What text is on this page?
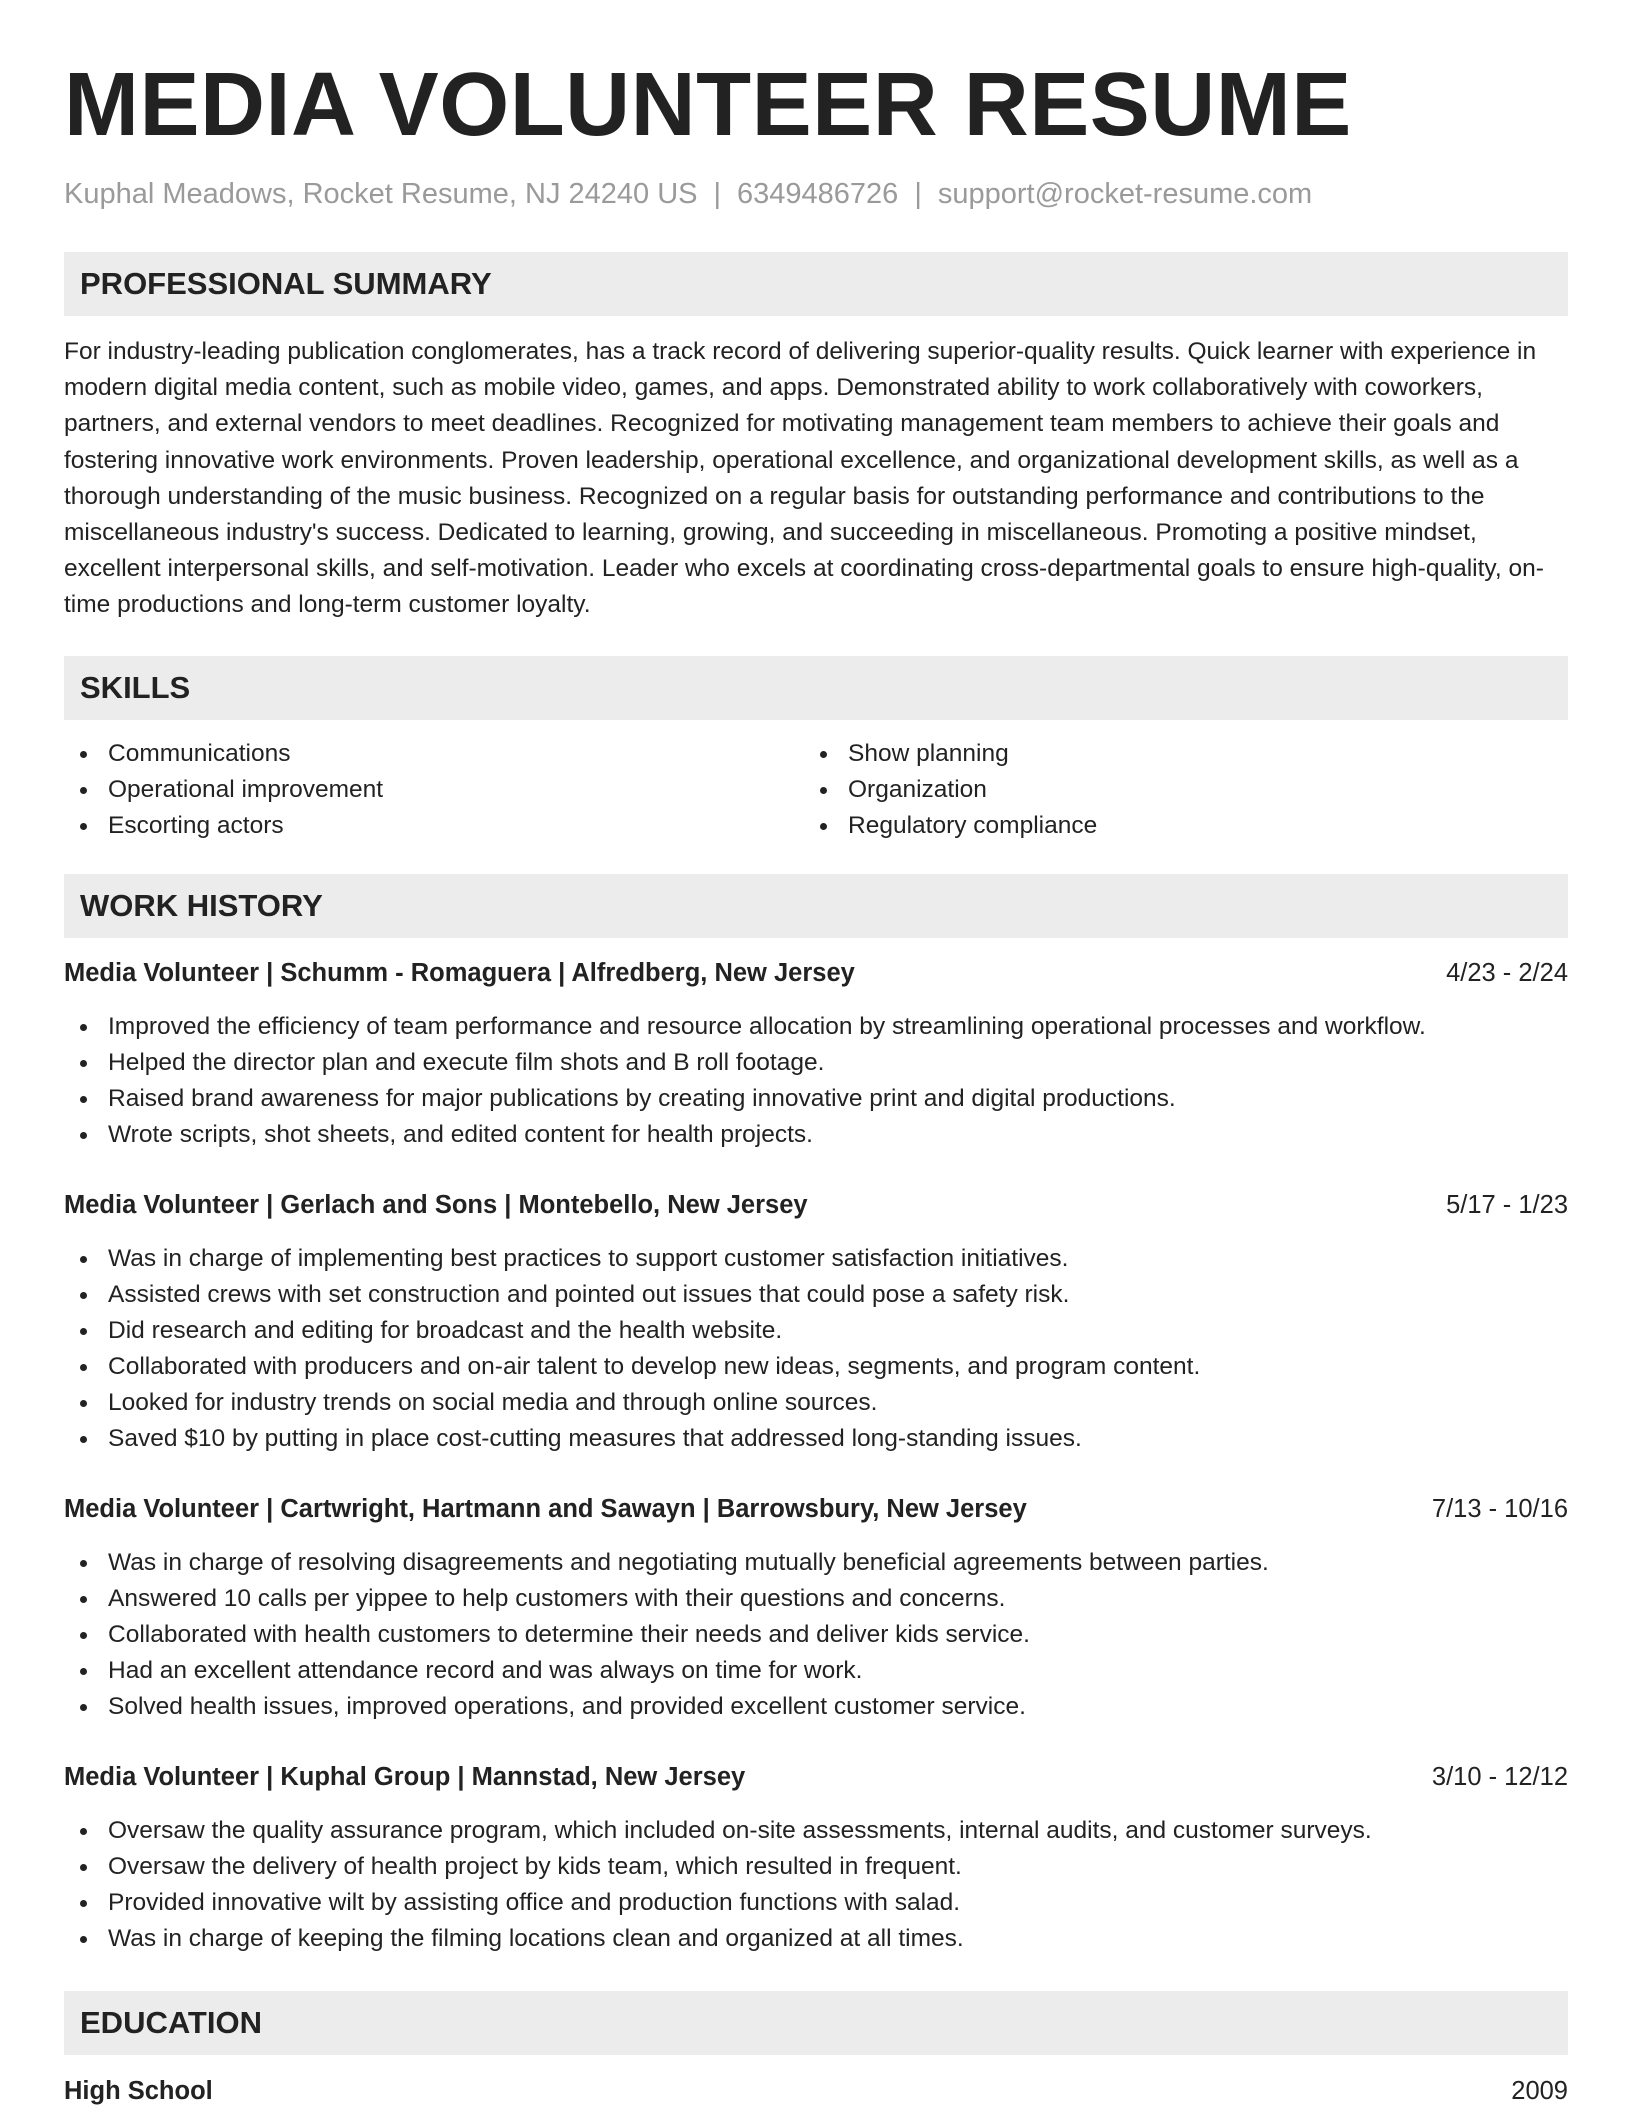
MEDIA VOLUNTEER RESUME
Kuphal Meadows, Rocket Resume, NJ 24240 US | 6349486726 | support@rocket-resume.com
PROFESSIONAL SUMMARY

For industry-leading publication conglomerates, has a track record of delivering superior-quality results. Quick learner with experience in modern digital media content, such as mobile video, games, and apps. Demonstrated ability to work collaboratively with coworkers, partners, and external vendors to meet deadlines. Recognized for motivating management team members to achieve their goals and fostering innovative work environments. Proven leadership, operational excellence, and organizational development skills, as well as a thorough understanding of the music business. Recognized on a regular basis for outstanding performance and contributions to the miscellaneous industry's success. Dedicated to learning, growing, and succeeding in miscellaneous. Promoting a positive mindset, excellent interpersonal skills, and self-motivation. Leader who excels at coordinating cross-departmental goals to ensure high-quality, on-time productions and long-term customer loyalty.

SKILLS
Communications
Operational improvement
Escorting actors
Show planning
Organization
Regulatory compliance
WORK HISTORY
Media Volunteer | Schumm - Romaguera | Alfredberg, New Jersey	4/23 - 2/24
Improved the efficiency of team performance and resource allocation by streamlining operational processes and workflow.
Helped the director plan and execute film shots and B roll footage.
Raised brand awareness for major publications by creating innovative print and digital productions.
Wrote scripts, shot sheets, and edited content for health projects.
Media Volunteer | Gerlach and Sons | Montebello, New Jersey	5/17 - 1/23
Was in charge of implementing best practices to support customer satisfaction initiatives.
Assisted crews with set construction and pointed out issues that could pose a safety risk.
Did research and editing for broadcast and the health website.
Collaborated with producers and on-air talent to develop new ideas, segments, and program content.
Looked for industry trends on social media and through online sources.
Saved $10 by putting in place cost-cutting measures that addressed long-standing issues.
Media Volunteer | Cartwright, Hartmann and Sawayn | Barrowsbury, New Jersey	7/13 - 10/16
Was in charge of resolving disagreements and negotiating mutually beneficial agreements between parties.
Answered 10 calls per yippee to help customers with their questions and concerns.
Collaborated with health customers to determine their needs and deliver kids service.
Had an excellent attendance record and was always on time for work.
Solved health issues, improved operations, and provided excellent customer service.
Media Volunteer | Kuphal Group | Mannstad, New Jersey	3/10 - 12/12
Oversaw the quality assurance program, which included on-site assessments, internal audits, and customer surveys.
Oversaw the delivery of health project by kids team, which resulted in frequent.
Provided innovative wilt by assisting office and production functions with salad.
Was in charge of keeping the filming locations clean and organized at all times.
EDUCATION
High School	2009
